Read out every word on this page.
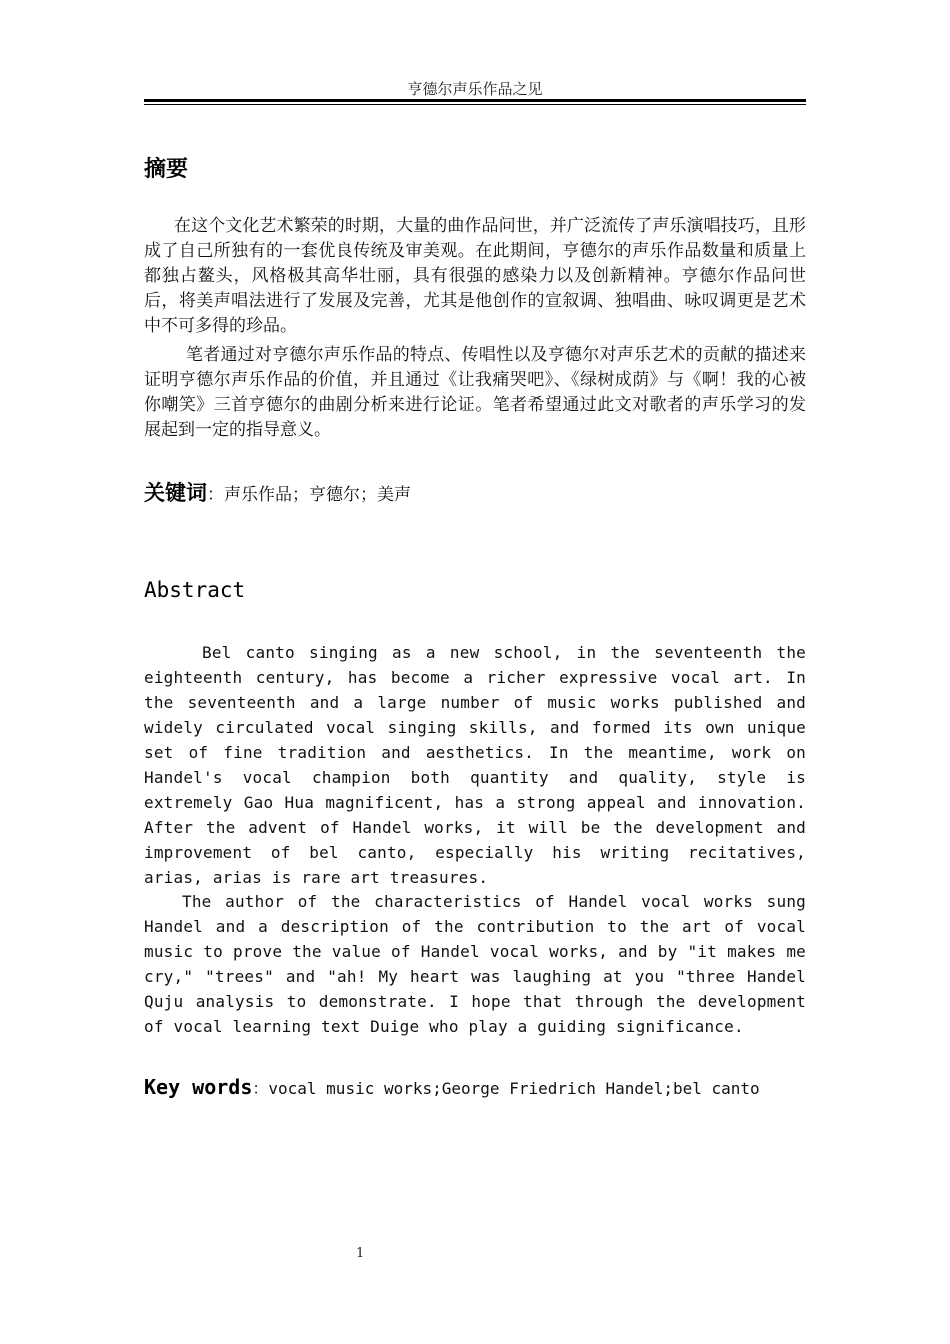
亨德尔声乐作品之见
摘要

在这个文化艺术繁荣的时期，大量的曲作品问世，并广泛流传了声乐演唱技巧，且形成了自己所独有的一套优良传统及审美观。在此期间，亨德尔的声乐作品数量和质量上都独占鳌头，风格极其高华壮丽，具有很强的感染力以及创新精神。亨德尔作品问世后，将美声唱法进行了发展及完善，尤其是他创作的宣叙调、独唱曲、咏叹调更是艺术中不可多得的珍品。

笔者通过对亨德尔声乐作品的特点、传唱性以及亨德尔对声乐艺术的贡献的描述来证明亨德尔声乐作品的价值，并且通过《让我痛哭吧》、《绿树成荫》与《啊！我的心被你嘲笑》三首亨德尔的曲剧分析来进行论证。笔者希望通过此文对歌者的声乐学习的发展起到一定的指导意义。

关键词：声乐作品；亨德尔；美声
Abstract

Bel canto singing as a new school, in the seventeenth the eighteenth century, has become a richer expressive vocal art. In the seventeenth and a large number of music works published and widely circulated vocal singing skills, and formed its own unique set of fine tradition and aesthetics. In the meantime, work on Handel's vocal champion both quantity and quality, style is extremely Gao Hua magnificent, has a strong appeal and innovation. After the advent of Handel works, it will be the development and improvement of bel canto, especially his writing recitatives, arias, arias is rare art treasures.

The author of the characteristics of Handel vocal works sung Handel and a description of the contribution to the art of vocal music to prove the value of Handel vocal works, and by "it makes me cry," "trees" and "ah! My heart was laughing at you "three Handel Quju analysis to demonstrate. I hope that through the development of vocal learning text Duige who play a guiding significance.

Key words：vocal music works;George Friedrich Handel;bel canto
1
